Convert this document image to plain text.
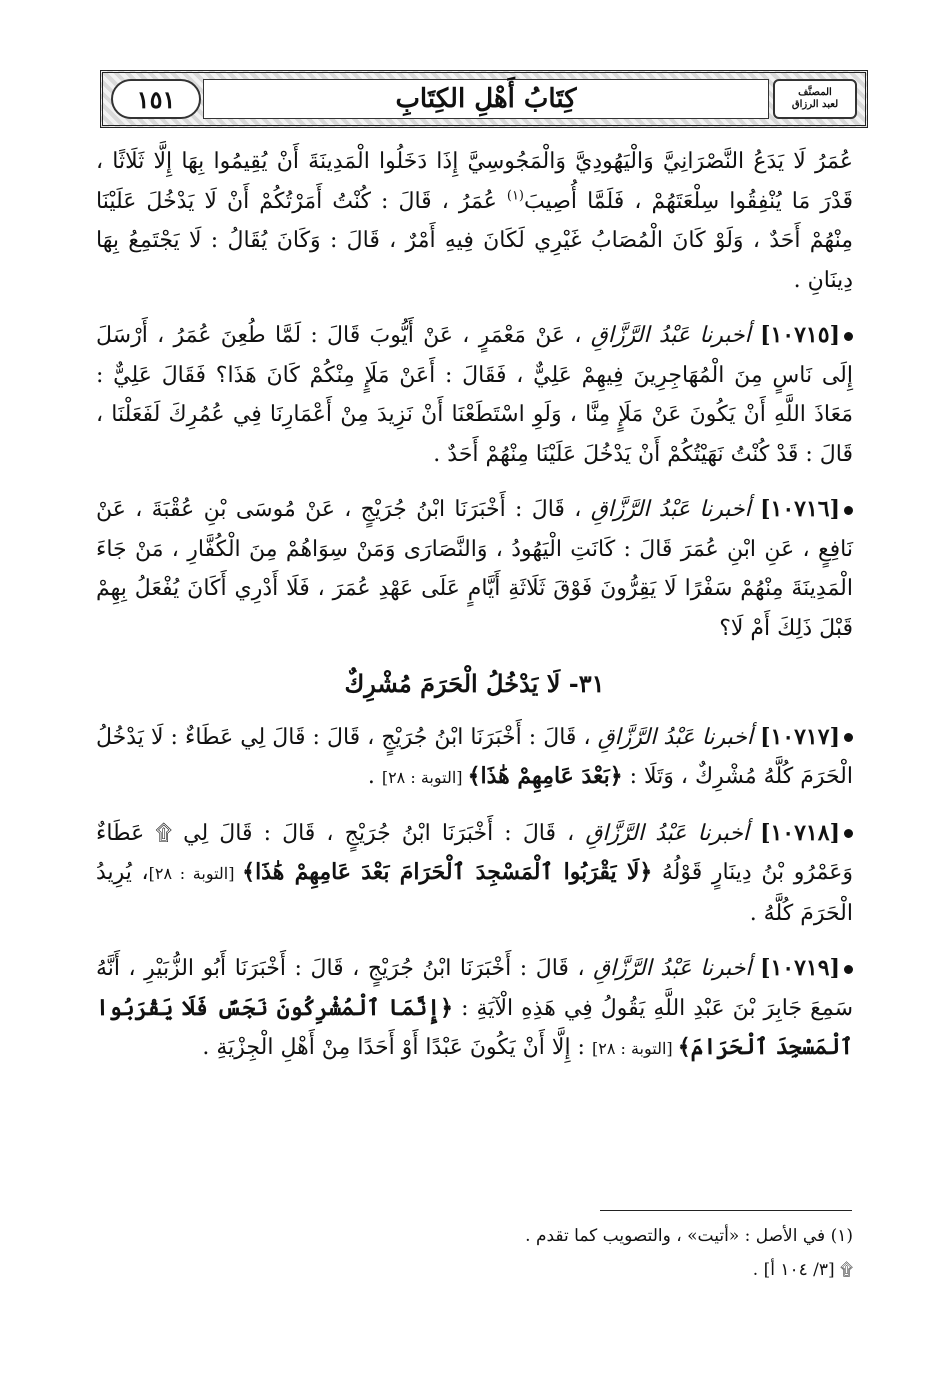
المصنَّف
لعبد الرزاق
كِتَابُ أَهْلِ الكِتَابِ
١٥١

عُمَرُ لَا يَدَعُ النَّصْرَانِيَّ وَالْيَهُودِيَّ وَالْمَجُوسِيَّ إِذَا دَخَلُوا الْمَدِينَةَ أَنْ يُقِيمُوا بِهَا إِلَّا ثَلَاثًا ، قَدْرَ مَا يُنْفِقُوا سِلْعَتَهُمْ ، فَلَمَّا أُصِيبَ$^{(١)}$ عُمَرُ ، قَالَ : كُنْتُ أَمَرْتُكُمْ أَنْ لَا يَدْخُلَ عَلَيْنَا مِنْهُمْ أَحَدٌ ، وَلَوْ كَانَ الْمُصَابُ غَيْرِي لَكَانَ فِيهِ أَمْرٌ ، قَالَ : وَكَانَ يُقَالُ : لَا يَجْتَمِعُ بِهَا دِينَانِ .

[١٠٧١٥] أخبرنا عَبْدُ الرَّزَّاقِ ، عَنْ مَعْمَرٍ ، عَنْ أَيُّوبَ قَالَ : لَمَّا طُعِنَ عُمَرُ ، أَرْسَلَ إِلَى نَاسٍ مِنَ الْمُهَاجِرِينَ فِيهِمْ عَلِيٌّ ، فَقَالَ : أَعَنْ مَلَإٍ مِنْكُمْ كَانَ هَذَا؟ فَقَالَ عَلِيٌّ : مَعَاذَ اللَّهِ أَنْ يَكُونَ عَنْ مَلَإٍ مِنَّا ، وَلَوِ اسْتَطَعْنَا أَنْ نَزِيدَ مِنْ أَعْمَارِنَا فِي عُمُرِكَ لَفَعَلْنَا ، قَالَ : قَدْ كُنْتُ نَهَيْتُكُمْ أَنْ يَدْخُلَ عَلَيْنَا مِنْهُمْ أَحَدٌ .

[١٠٧١٦] أخبرنا عَبْدُ الرَّزَّاقِ ، قَالَ : أَخْبَرَنَا ابْنُ جُرَيْجٍ ، عَنْ مُوسَى بْنِ عُقْبَةَ ، عَنْ نَافِعٍ ، عَنِ ابْنِ عُمَرَ قَالَ : كَانَتِ الْيَهُودُ ، وَالنَّصَارَى وَمَنْ سِوَاهُمْ مِنَ الْكُفَّارِ ، مَنْ جَاءَ الْمَدِينَةَ مِنْهُمْ سَفْرًا لَا يَقِرُّونَ فَوْقَ ثَلَاثَةِ أَيَّامٍ عَلَى عَهْدِ عُمَرَ ، فَلَا أَدْرِي أَكَانَ يُفْعَلُ بِهِمْ قَبْلَ ذَلِكَ أَمْ لَا؟

٣١- لَا يَدْخُلُ الْحَرَمَ مُشْرِكٌ

[١٠٧١٧] أخبرنا عَبْدُ الرَّزَّاقِ ، قَالَ : أَخْبَرَنَا ابْنُ جُرَيْجٍ ، قَالَ : قَالَ لِي عَطَاءٌ : لَا يَدْخُلُ الْحَرَمَ كُلَّهُ مُشْرِكٌ ، وَتَلَا : ﴿بَعْدَ عَامِهِمْ هَٰذَا﴾ [التوبة : ٢٨] .

[١٠٧١٨] أخبرنا عَبْدُ الرَّزَّاقِ ، قَالَ : أَخْبَرَنَا ابْنُ جُرَيْجٍ ، قَالَ : قَالَ لِي ۩ عَطَاءٌ وَعَمْرُو بْنُ دِينَارٍ قَوْلُهُ ﴿لَا يَقْرَبُوا ٱلْمَسْجِدَ ٱلْحَرَامَ بَعْدَ عَامِهِمْ هَٰذَا﴾ [التوبة : ٢٨]، يُرِيدُ الْحَرَمَ كُلَّهُ .

[١٠٧١٩] أخبرنا عَبْدُ الرَّزَّاقِ ، قَالَ : أَخْبَرَنَا ابْنُ جُرَيْجٍ ، قَالَ : أَخْبَرَنَا أَبُو الزُّبَيْرِ ، أَنَّهُ سَمِعَ جَابِرَ بْنَ عَبْدِ اللَّهِ يَقُولُ فِي هَذِهِ الْآيَةِ : ﴿إِنَّمَا ٱلْمُشْرِكُونَ نَجَسٌ فَلَا يَقْرَبُوا ٱلْمَسْجِدَ ٱلْحَرَامَ﴾ [التوبة : ٢٨] : إِلَّا أَنْ يَكُونَ عَبْدًا أَوْ أَحَدًا مِنْ أَهْلِ الْجِزْيَةِ .

(١) في الأصل : «أتيت» ، والتصويب كما تقدم .

۩ [٣/ ١٠٤ أ] .
